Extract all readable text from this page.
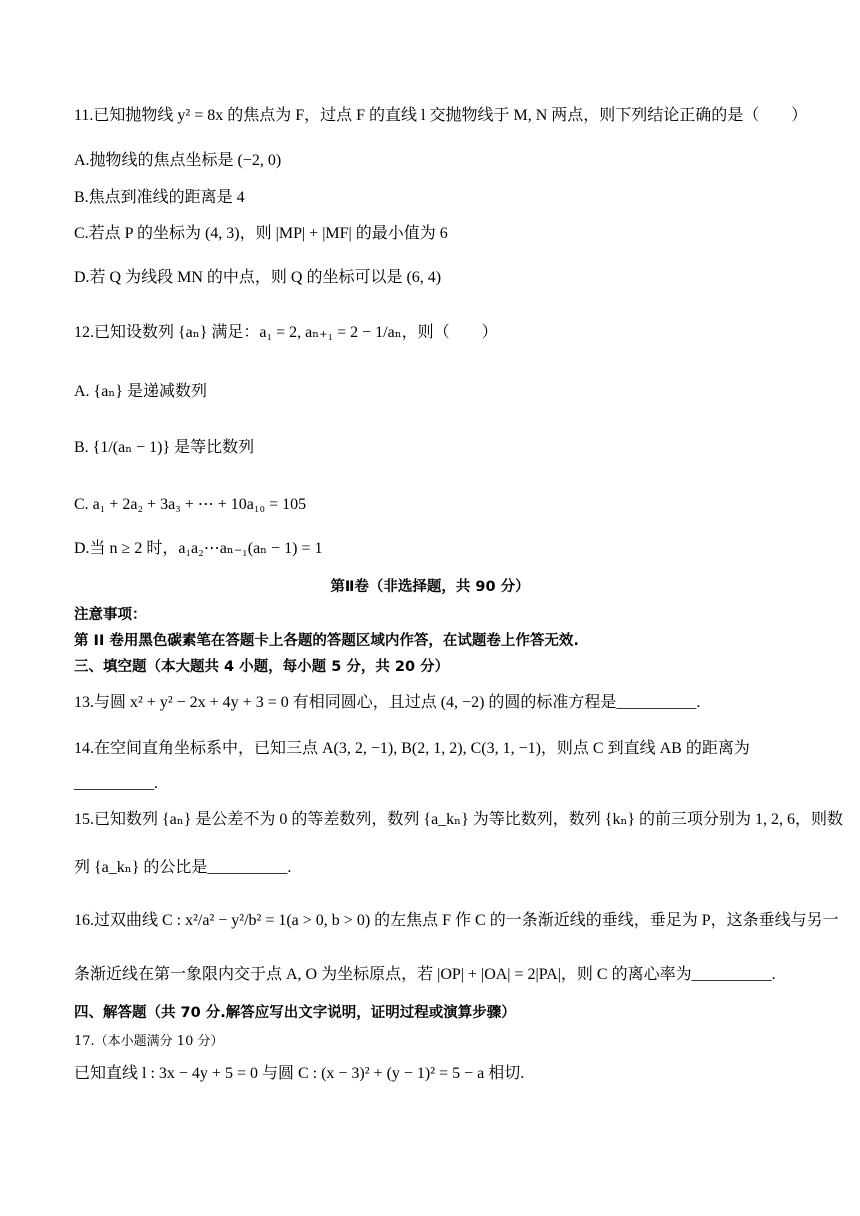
11.已知抛物线 y² = 8x 的焦点为 F，过点 F 的直线 l 交抛物线于 M, N 两点，则下列结论正确的是（　　）
A.抛物线的焦点坐标是 (−2, 0)
B.焦点到准线的距离是 4
C.若点 P 的坐标为 (4, 3)，则 |MP| + |MF| 的最小值为 6
D.若 Q 为线段 MN 的中点，则 Q 的坐标可以是 (6, 4)
12.已知设数列 {aₙ} 满足：a₁ = 2, aₙ₊₁ = 2 − 1/aₙ，则（　　）
A. {aₙ} 是递减数列
B. {1/(aₙ − 1)} 是等比数列
C. a₁ + 2a₂ + 3a₃ + ⋯ + 10a₁₀ = 105
D.当 n ≥ 2 时，a₁a₂⋯aₙ₋₁(aₙ − 1) = 1
第Ⅱ卷（非选择题，共 90 分）
注意事项：
第 II 卷用黑色碳素笔在答题卡上各题的答题区域内作答，在试题卷上作答无效.
三、填空题（本大题共 4 小题，每小题 5 分，共 20 分）
13.与圆 x² + y² − 2x + 4y + 3 = 0 有相同圆心，且过点 (4, −2) 的圆的标准方程是__________.
14.在空间直角坐标系中，已知三点 A(3, 2, −1), B(2, 1, 2), C(3, 1, −1)，则点 C 到直线 AB 的距离为
__________.
15.已知数列 {aₙ} 是公差不为 0 的等差数列，数列 {a_kₙ} 为等比数列，数列 {kₙ} 的前三项分别为 1, 2, 6，则数
列 {a_kₙ} 的公比是__________.
16.过双曲线 C : x²/a² − y²/b² = 1(a > 0, b > 0) 的左焦点 F 作 C 的一条渐近线的垂线，垂足为 P，这条垂线与另一
条渐近线在第一象限内交于点 A, O 为坐标原点，若 |OP| + |OA| = 2|PA|，则 C 的离心率为__________.
四、解答题（共 70 分.解答应写出文字说明，证明过程或演算步骤）
17.（本小题满分 10 分）
已知直线 l : 3x − 4y + 5 = 0 与圆 C : (x − 3)² + (y − 1)² = 5 − a 相切.
